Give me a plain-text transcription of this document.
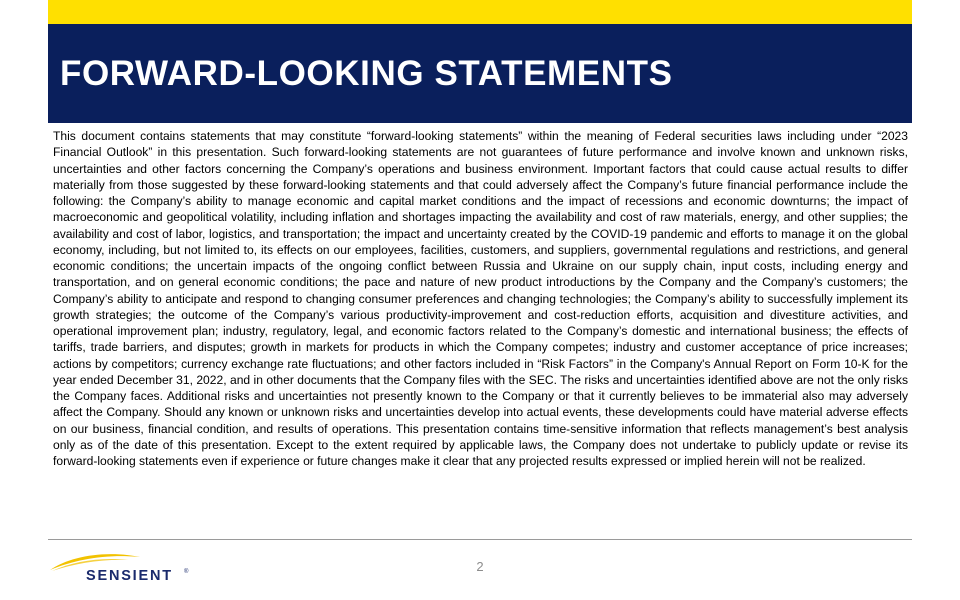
FORWARD-LOOKING STATEMENTS

This document contains statements that may constitute “forward-looking statements” within the meaning of Federal securities laws including under “2023 Financial Outlook” in this presentation. Such forward-looking statements are not guarantees of future performance and involve known and unknown risks, uncertainties and other factors concerning the Company’s operations and business environment. Important factors that could cause actual results to differ materially from those suggested by these forward-looking statements and that could adversely affect the Company’s future financial performance include the following: the Company’s ability to manage economic and capital market conditions and the impact of recessions and economic downturns; the impact of macroeconomic and geopolitical volatility, including inflation and shortages impacting the availability and cost of raw materials, energy, and other supplies; the availability and cost of labor, logistics, and transportation; the impact and uncertainty created by the COVID-19 pandemic and efforts to manage it on the global economy, including, but not limited to, its effects on our employees, facilities, customers, and suppliers, governmental regulations and restrictions, and general economic conditions; the uncertain impacts of the ongoing conflict between Russia and Ukraine on our supply chain, input costs, including energy and transportation, and on general economic conditions; the pace and nature of new product introductions by the Company and the Company’s customers; the Company’s ability to anticipate and respond to changing consumer preferences and changing technologies; the Company’s ability to successfully implement its growth strategies; the outcome of the Company’s various productivity-improvement and cost-reduction efforts, acquisition and divestiture activities, and operational improvement plan; industry, regulatory, legal, and economic factors related to the Company’s domestic and international business; the effects of tariffs, trade barriers, and disputes; growth in markets for products in which the Company competes; industry and customer acceptance of price increases; actions by competitors; currency exchange rate fluctuations; and other factors included in “Risk Factors” in the Company's Annual Report on Form 10-K for the year ended December 31, 2022, and in other documents that the Company files with the SEC. The risks and uncertainties identified above are not the only risks the Company faces. Additional risks and uncertainties not presently known to the Company or that it currently believes to be immaterial also may adversely affect the Company. Should any known or unknown risks and uncertainties develop into actual events, these developments could have material adverse effects on our business, financial condition, and results of operations. This presentation contains time-sensitive information that reflects management’s best analysis only as of the date of this presentation. Except to the extent required by applicable laws, the Company does not undertake to publicly update or revise its forward-looking statements even if experience or future changes make it clear that any projected results expressed or implied herein will not be realized.

SENSIENT ®	2
